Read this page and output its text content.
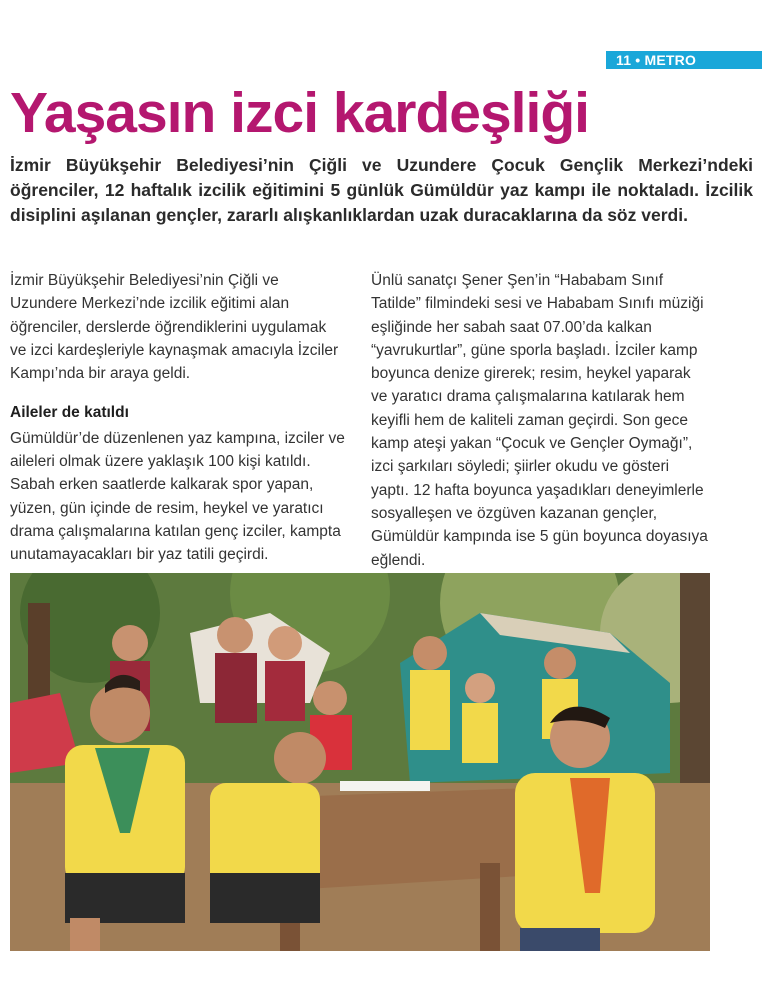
11 • METRO
Yaşasın izci kardeşliği

İzmir Büyükşehir Belediyesi’nin Çiğli ve Uzundere Çocuk Gençlik Merkezi’ndeki öğrenciler, 12 haftalık izcilik eğitimini 5 günlük Gümüldür yaz kampı ile noktaladı. İzcilik disiplini aşılanan gençler, zararlı alışkanlıklardan uzak duracaklarına da söz verdi.

İzmir Büyükşehir Belediyesi’nin Çiğli ve Uzundere Merkezi’nde izcilik eğitimi alan öğrenciler, derslerde öğrendiklerini uygulamak ve izci kardeşleriyle kaynaşmak amacıyla İzciler Kampı’nda bir araya geldi.

Aileler de katıldı

Gümüldür’de düzenlenen yaz kampına, izciler ve aileleri olmak üzere yaklaşık 100 kişi katıldı. Sabah erken saatlerde kalkarak spor yapan, yüzen, gün içinde de resim, heykel ve yaratıcı drama çalışmalarına katılan genç izciler, kampta unutamayacakları bir yaz tatili geçirdi.

Ünlü sanatçı Şener Şen’in “Hababam Sınıf Tatilde” filmindeki sesi ve Hababam Sınıfı müziği eşliğinde her sabah saat 07.00’da kalkan “yavrukurtlar”, güne sporla başladı. İzciler kamp boyunca denize girerek; resim, heykel yaparak ve yaratıcı drama çalışmalarına katılarak hem keyifli hem de kaliteli zaman geçirdi. Son gece kamp ateşi yakan “Çocuk ve Gençler Oymağı”, izci şarkıları söyledi; şiirler okudu ve gösteri yaptı. 12 hafta boyunca yaşadıkları deneyimlerle sosyalleşen ve özgüven kazanan gençler, Gümüldür kampında ise 5 gün boyunca doyasıya eğlendi.
